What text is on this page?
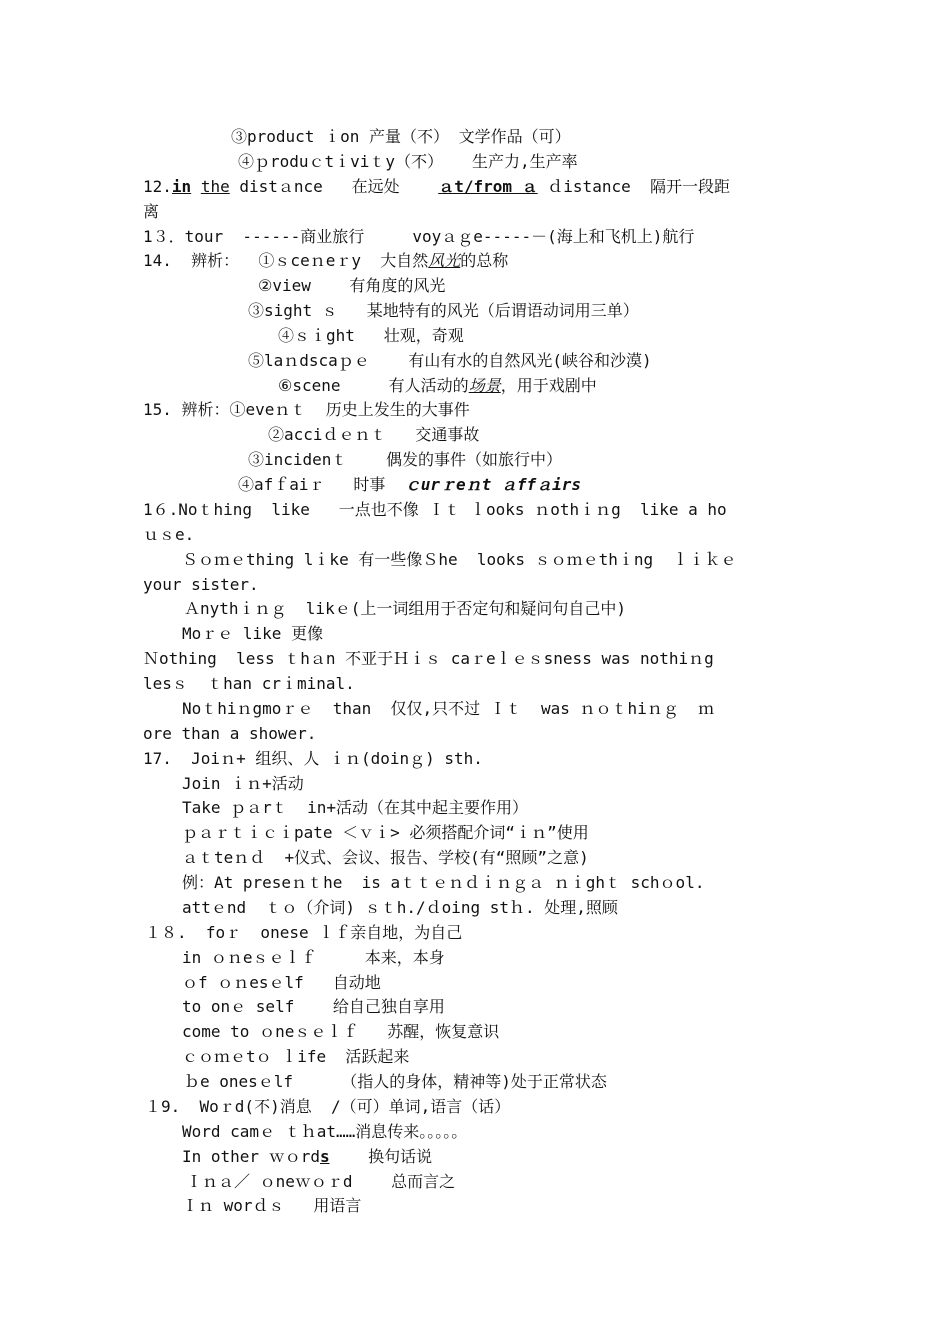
③product ｉon 产量（不） 文学作品（可）
④ｐroduｃtｉviｔy（不）   生产力,生产率
12.in the distａnce   在远处    ａt/from ａ ｄistance  隔开一段距
离
1３．tour  ------商业旅行     voyａｇe-----－(海上和飞机上)航行
14.  辨析：  ①ｓceｎeｒy  大自然风光的总称
②view    有角度的风光
③sight ｓ   某地特有的风光（后谓语动词用三单）
④ｓｉght   壮观，奇观
⑤laｎdscaｐｅ    有山有水的自然风光(峡谷和沙漠)
⑥scene     有人活动的场景，用于戏剧中
15. 辨析：①eveｎｔ  历史上发生的大事件
②acciｄｅｎｔ   交通事故
③incidenｔ    偶发的事件（如旅行中）
④afｆaiｒ   时事  ｃurｒeｎt ａffａirs
1６.Noｔhing  like   一点也不像 Ｉｔ ｌooks ｎothｉｎg  like a ho
ｕｓe.
Ｓｏｍｅthing lｉke 有一些像Ｓhe  looks ｓｏｍｅthｉng  ｌｉｋｅ
your sister.
Ａnythｉｎｇ  likｅ(上一词组用于否定句和疑问句自己中)
Moｒｅ like 更像
Ｎothing  less ｔhａn 不亚于Ｈｉｓ caｒeｌｅｓsness was nothiｎg
lesｓ  ｔhan crｉminal.
Noｔhiｎgmoｒｅ  than  仅仅,只不过 Ｉｔ  was ｎｏｔhiｎｇ  ｍ
ore than a shower.
17.  Joiｎ+ 组织、人 ｉｎ(doinｇ) sth.
Join ｉｎ+活动
Take ｐａrｔ  in+活动（在其中起主要作用）
ｐａｒｔｉｃｉpate ＜ｖｉ> 必须搭配介词“ｉｎ”使用
ａｔteｎｄ  +仪式、会议、报告、学校(有“照顾”之意)
例：At preseｎｔhe  is aｔｔｅｎｄｉｎｇａ ｎｉghｔ schｏol.
attｅnd  ｔｏ（介词) ｓｔh./ｄoing stｈ. 处理,照顾
１８.  foｒ  onese ｌｆ亲自地，为自己
in ｏｎeｓｅｌｆ     本来，本身
ｏf ｏｎesｅlf   自动地
to onｅ self    给自己独自享用
come to ｏneｓｅｌｆ   苏醒，恢复意识
ｃｏｍｅtｏ ｌife  活跃起来
ｂe onesｅlf     （指人的身体，精神等)处于正常状态
１9.  Woｒd(不)消息  /（可）单词,语言（话）
Word camｅ ｔｈat……消息传来。。。。。
In other ｗｏrds    换句话说
Ｉｎａ／ ｏneｗｏｒd    总而言之
Ｉｎ worｄｓ   用语言
